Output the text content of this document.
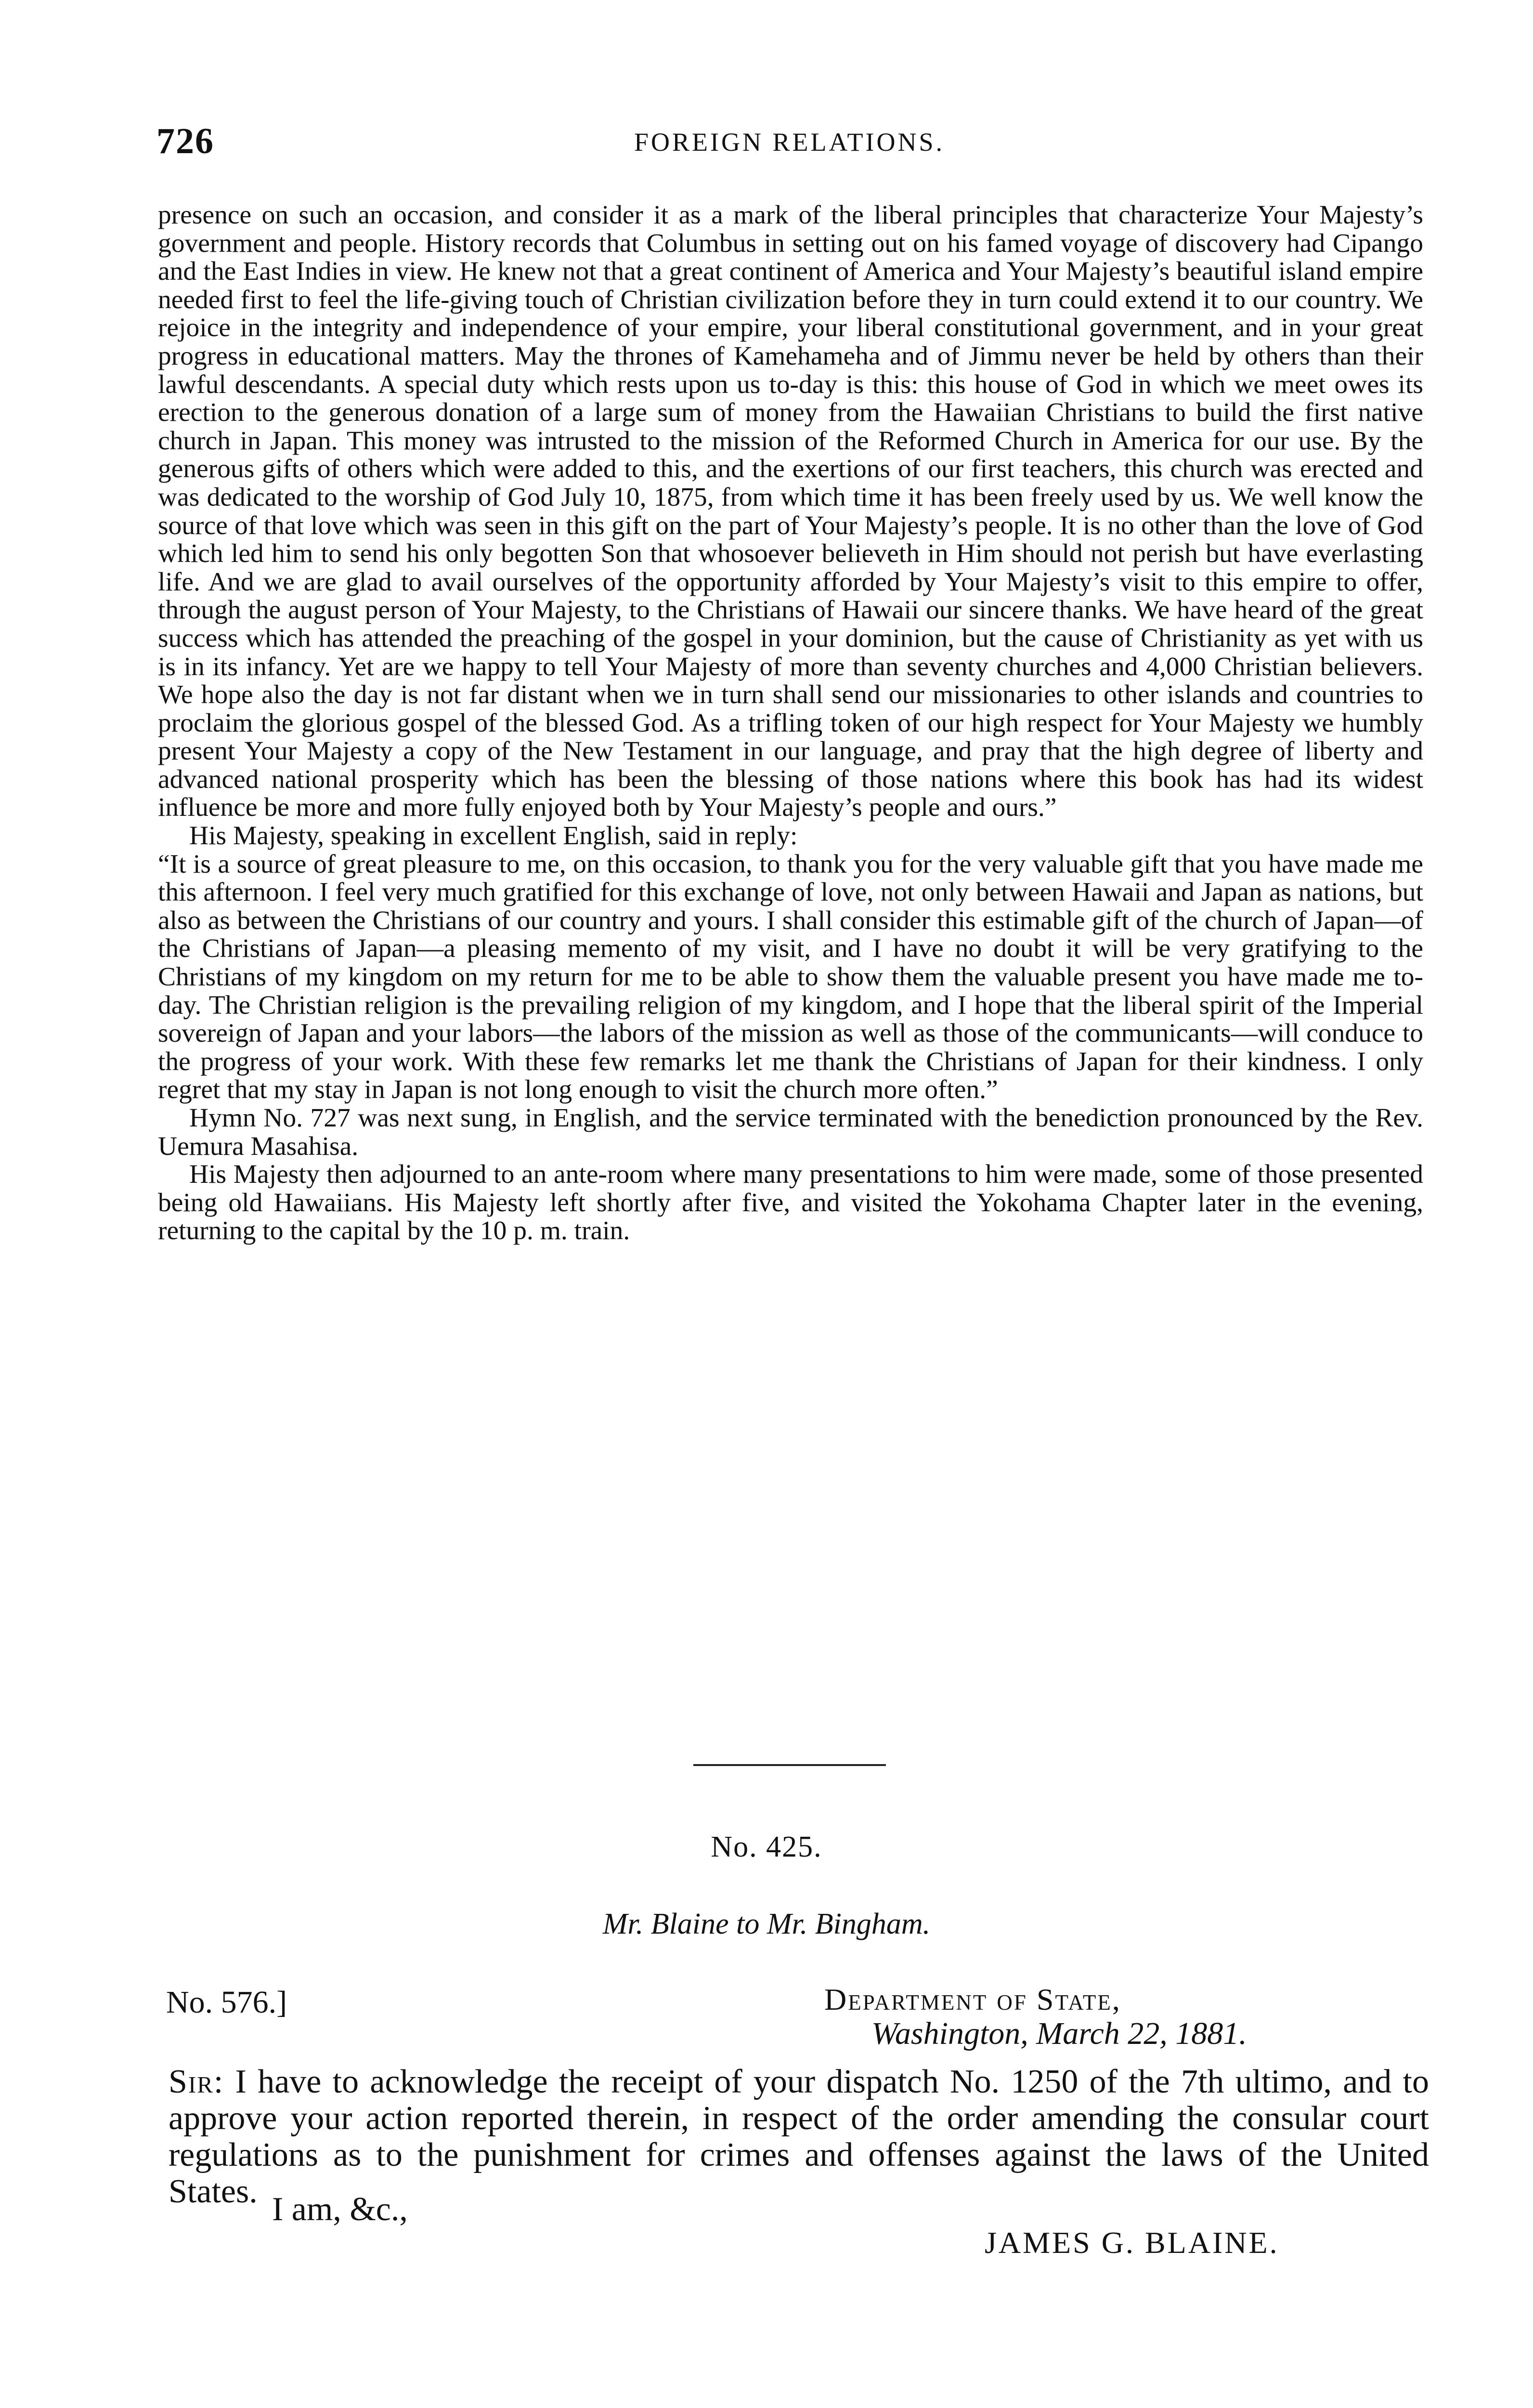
726	FOREIGN RELATIONS.

presence on such an occasion, and consider it as a mark of the liberal principles that characterize Your Majesty’s government and people. History records that Columbus in setting out on his famed voyage of discovery had Cipango and the East Indies in view. He knew not that a great continent of America and Your Majesty’s beautiful island empire needed first to feel the life-giving touch of Christian civilization before they in turn could extend it to our country. We rejoice in the integrity and independence of your empire, your liberal constitutional government, and in your great progress in educational matters. May the thrones of Kamehameha and of Jimmu never be held by others than their lawful descendants. A special duty which rests upon us to-day is this: this house of God in which we meet owes its erection to the generous donation of a large sum of money from the Hawaiian Christians to build the first native church in Japan. This money was intrusted to the mission of the Reformed Church in America for our use. By the generous gifts of others which were added to this, and the exertions of our first teachers, this church was erected and was dedicated to the worship of God July 10, 1875, from which time it has been freely used by us. We well know the source of that love which was seen in this gift on the part of Your Majesty’s people. It is no other than the love of God which led him to send his only begotten Son that whosoever believeth in Him should not perish but have everlasting life. And we are glad to avail ourselves of the opportunity afforded by Your Majesty’s visit to this empire to offer, through the august person of Your Majesty, to the Christians of Hawaii our sincere thanks. We have heard of the great success which has attended the preaching of the gospel in your dominion, but the cause of Christianity as yet with us is in its infancy. Yet are we happy to tell Your Majesty of more than seventy churches and 4,000 Christian believers. We hope also the day is not far distant when we in turn shall send our missionaries to other islands and countries to proclaim the glorious gospel of the blessed God. As a trifling token of our high respect for Your Majesty we humbly present Your Majesty a copy of the New Testament in our language, and pray that the high degree of liberty and advanced national prosperity which has been the blessing of those nations where this book has had its widest influence be more and more fully enjoyed both by Your Majesty’s people and ours.”

His Majesty, speaking in excellent English, said in reply:

“It is a source of great pleasure to me, on this occasion, to thank you for the very valuable gift that you have made me this afternoon. I feel very much gratified for this exchange of love, not only between Hawaii and Japan as nations, but also as between the Christians of our country and yours. I shall consider this estimable gift of the church of Japan—of the Christians of Japan—a pleasing memento of my visit, and I have no doubt it will be very gratifying to the Christians of my kingdom on my return for me to be able to show them the valuable present you have made me to-day. The Christian religion is the prevailing religion of my kingdom, and I hope that the liberal spirit of the Imperial sovereign of Japan and your labors—the labors of the mission as well as those of the communicants—will conduce to the progress of your work. With these few remarks let me thank the Christians of Japan for their kindness. I only regret that my stay in Japan is not long enough to visit the church more often.”

Hymn No. 727 was next sung, in English, and the service terminated with the benediction pronounced by the Rev. Uemura Masahisa.

His Majesty then adjourned to an ante-room where many presentations to him were made, some of those presented being old Hawaiians. His Majesty left shortly after five, and visited the Yokohama Chapter later in the evening, returning to the capital by the 10 p. m. train.

No. 425.
Mr. Blaine to Mr. Bingham.
No. 576.]	Department of State,
Washington, March 22, 1881.
Sir: I have to acknowledge the receipt of your dispatch No. 1250 of the 7th ultimo, and to approve your action reported therein, in respect of the order amending the consular court regulations as to the punishment for crimes and offenses against the laws of the United States. I am, &c.,
JAMES G. BLAINE.
